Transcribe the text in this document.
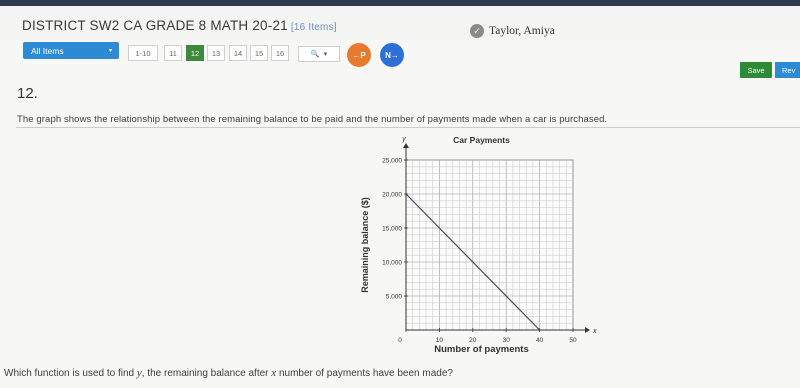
DISTRICT SW2 CA GRADE 8 MATH 20-21 [16 Items]	✓ Taylor, Amiya
All Items	▾	1-10	11	12	13	14	15	16	🔍 ▾	←P	N→
Save	Rev
12.
The graph shows the relationship between the remaining balance to be paid and the number of payments made when a car is purchased.
x
y
0	10	20	30	40	50
5,000
10,000
15,000
20,000
25,000
Car Payments
Number of payments
Remaining balance ($)
Which function is used to find y, the remaining balance after x number of payments have been made?
